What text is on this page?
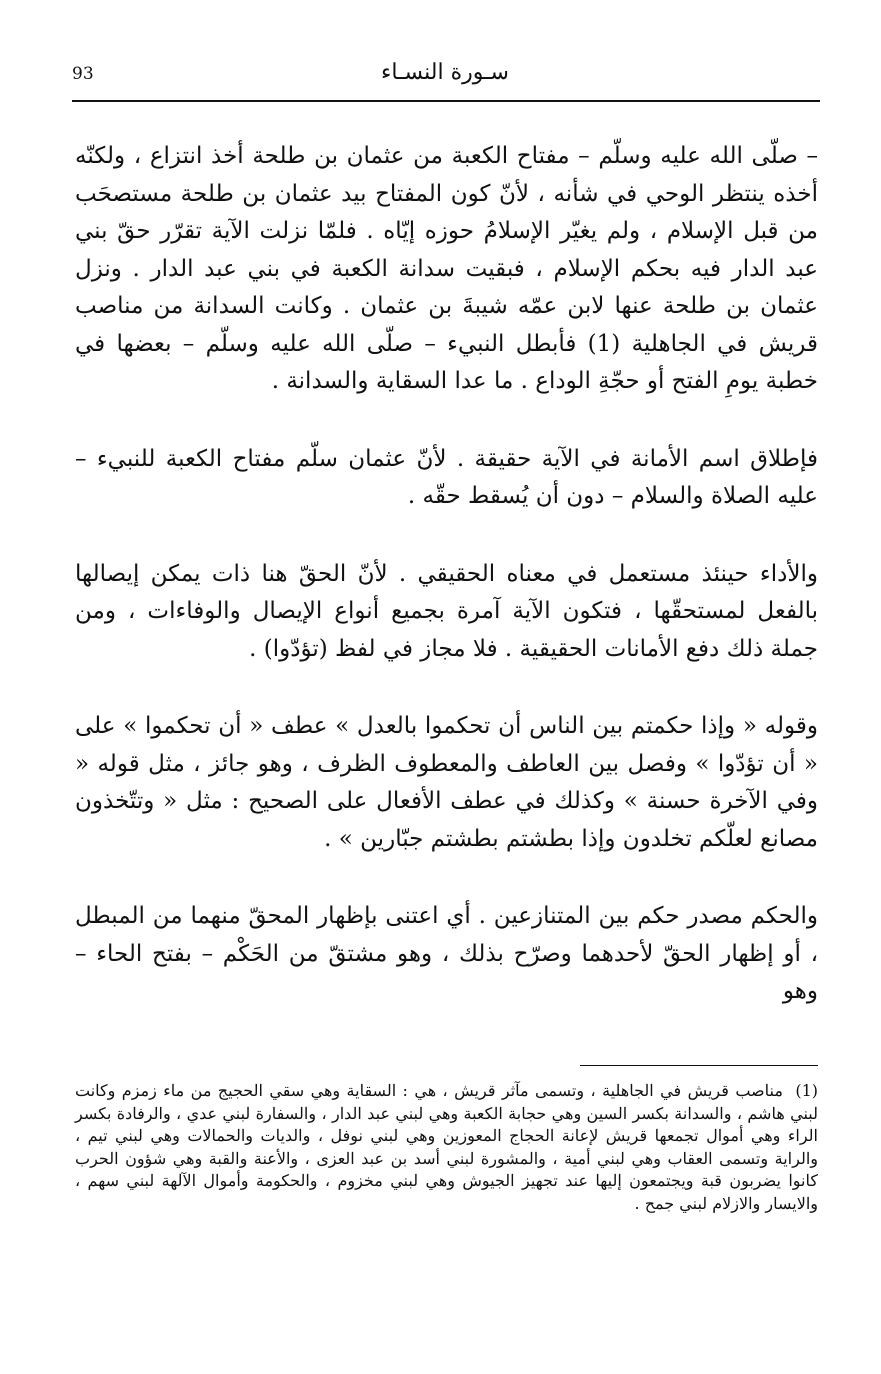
93	سـورة النسـاء

– صلّى الله عليه وسلّم – مفتاح الكعبة من عثمان بن طلحة أخذ انتزاع ، ولكنّه أخذه ينتظر الوحي في شأنه ، لأنّ كون المفتاح بيد عثمان بن طلحة مستصحَب من قبل الإسلام ، ولم يغيّر الإسلامُ حوزه إيّاه . فلمّا نزلت الآية تقرّر حقّ بني عبد الدار فيه بحكم الإسلام ، فبقيت سدانة الكعبة في بني عبد الدار . ونزل عثمان بن طلحة عنها لابن عمّه شيبةَ بن عثمان . وكانت السدانة من مناصب قريش في الجاهلية (1) فأبطل النبيء – صلّى الله عليه وسلّم – بعضها في خطبة يومِ الفتح أو حجّةِ الوداع . ما عدا السقاية والسدانة .

فإطلاق اسم الأمانة في الآية حقيقة . لأنّ عثمان سلّم مفتاح الكعبة للنبيء – عليه الصلاة والسلام – دون أن يُسقط حقّه .

والأداء حينئذ مستعمل في معناه الحقيقي . لأنّ الحقّ هنا ذات يمكن إيصالها بالفعل لمستحقّها ، فتكون الآية آمرة بجميع أنواع الإيصال والوفاءات ، ومن جملة ذلك دفع الأمانات الحقيقية . فلا مجاز في لفظ (تؤدّوا) .

وقوله « وإذا حكمتم بين الناس أن تحكموا بالعدل » عطف « أن تحكموا » على « أن تؤدّوا » وفصل بين العاطف والمعطوف الظرف ، وهو جائز ، مثل قوله « وفي الآخرة حسنة » وكذلك في عطف الأفعال على الصحيح : مثل « وتتّخذون مصانع لعلّكم تخلدون وإذا بطشتم بطشتم جبّارين » .

والحكم مصدر حكم بين المتنازعين . أي اعتنى بإظهار المحقّ منهما من المبطل ، أو إظهار الحقّ لأحدهما وصرّح بذلك ، وهو مشتقّ من الحَكْم – بفتح الحاء – وهو

(1) مناصب قريش في الجاهلية ، وتسمى مآثر قريش ، هي : السقاية وهي سقي الحجيج من ماء زمزم وكانت لبني هاشم ، والسدانة بكسر السين وهي حجابة الكعبة وهي لبني عبد الدار ، والسفارة لبني عدي ، والرفادة بكسر الراء وهي أموال تجمعها قريش لإعانة الحجاج المعوزين وهي لبني نوفل ، والديات والحمالات وهي لبني تيم ، والراية وتسمى العقاب وهي لبني أمية ، والمشورة لبني أسد بن عبد العزى ، والأعنة والقبة وهي شؤون الحرب كانوا يضربون قبة ويجتمعون إليها عند تجهيز الجيوش وهي لبني مخزوم ، والحكومة وأموال الآلهة لبني سهم ، والايسار والازلام لبني جمح .
